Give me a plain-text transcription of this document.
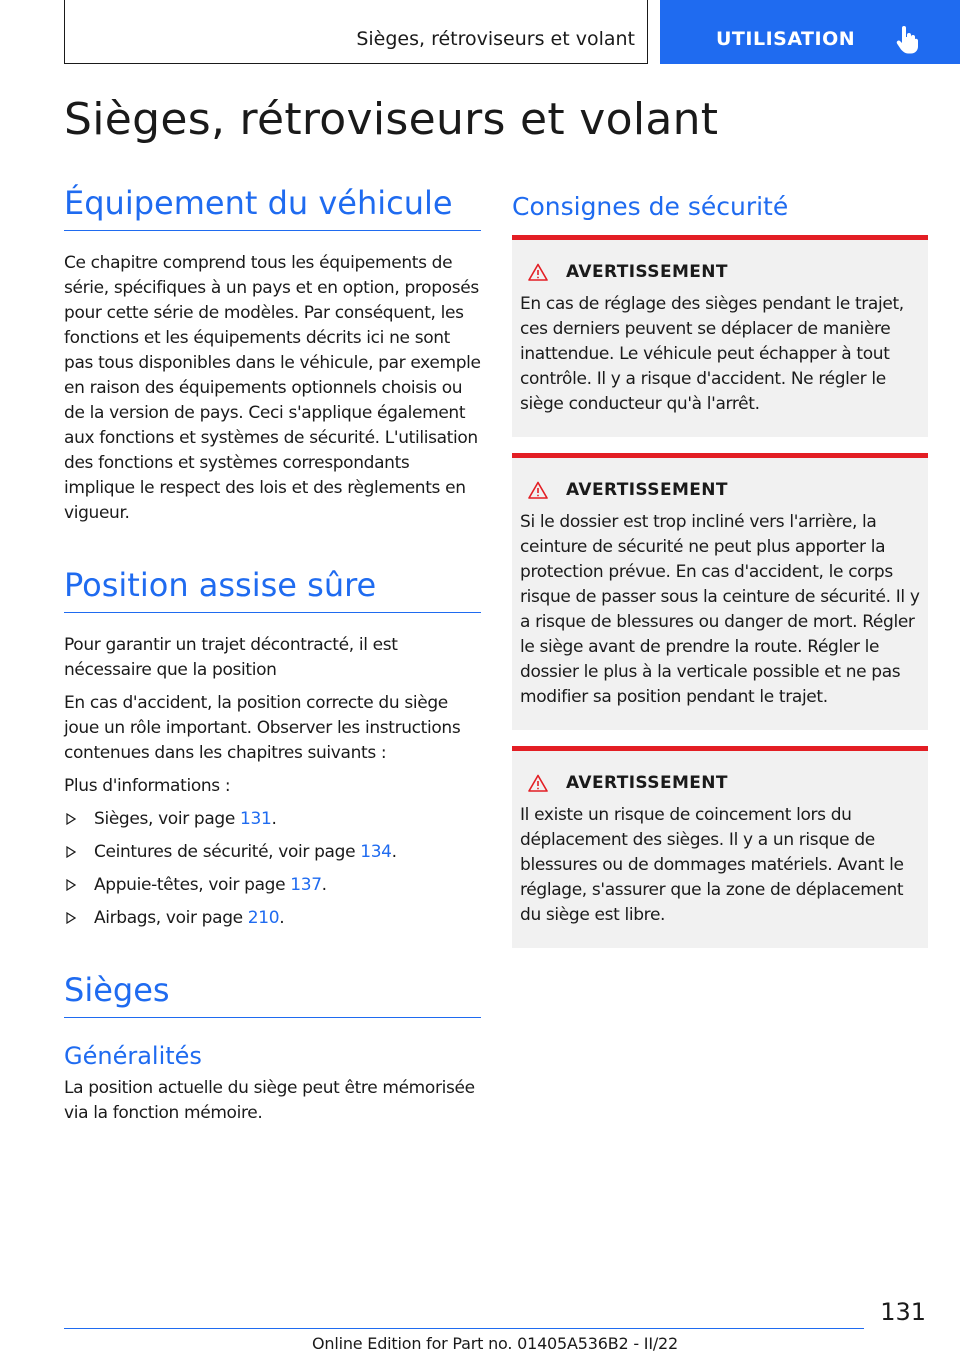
Sièges, rétroviseurs et volant	UTILISATION
Sièges, rétroviseurs et volant
Équipement du véhicule

Ce chapitre comprend tous les équipements de série, spécifiques à un pays et en option, proposés pour cette série de modèles. Par conséquent, les fonctions et les équipements décrits ici ne sont pas tous disponibles dans le véhicule, par exemple en raison des équipements optionnels choisis ou de la version de pays. Ceci s'applique également aux fonctions et systèmes de sécurité. L'utilisation des fonctions et systèmes correspondants implique le respect des lois et des règlements en vigueur.

Position assise sûre

Pour garantir un trajet décontracté, il est nécessaire que la position

En cas d'accident, la position correcte du siège joue un rôle important. Observer les instructions contenues dans les chapitres suivants :

Plus d'informations :

Sièges, voir page 131.
Ceintures de sécurité, voir page 134.
Appuie-têtes, voir page 137.
Airbags, voir page 210.
Sièges
Généralités

La position actuelle du siège peut être mémorisée via la fonction mémoire.

Consignes de sécurité
AVERTISSEMENT

En cas de réglage des sièges pendant le trajet, ces derniers peuvent se déplacer de manière inattendue. Le véhicule peut échapper à tout contrôle. Il y a risque d'accident. Ne régler le siège conducteur qu'à l'arrêt.

AVERTISSEMENT

Si le dossier est trop incliné vers l'arrière, la ceinture de sécurité ne peut plus apporter la protection prévue. En cas d'accident, le corps risque de passer sous la ceinture de sécurité. Il y a risque de blessures ou danger de mort. Régler le siège avant de prendre la route. Régler le dossier le plus à la verticale possible et ne pas modifier sa position pendant le trajet.

AVERTISSEMENT

Il existe un risque de coincement lors du déplacement des sièges. Il y a un risque de blessures ou de dommages matériels. Avant le réglage, s'assurer que la zone de déplacement du siège est libre.

131
Online Edition for Part no. 01405A536B2 - II/22
